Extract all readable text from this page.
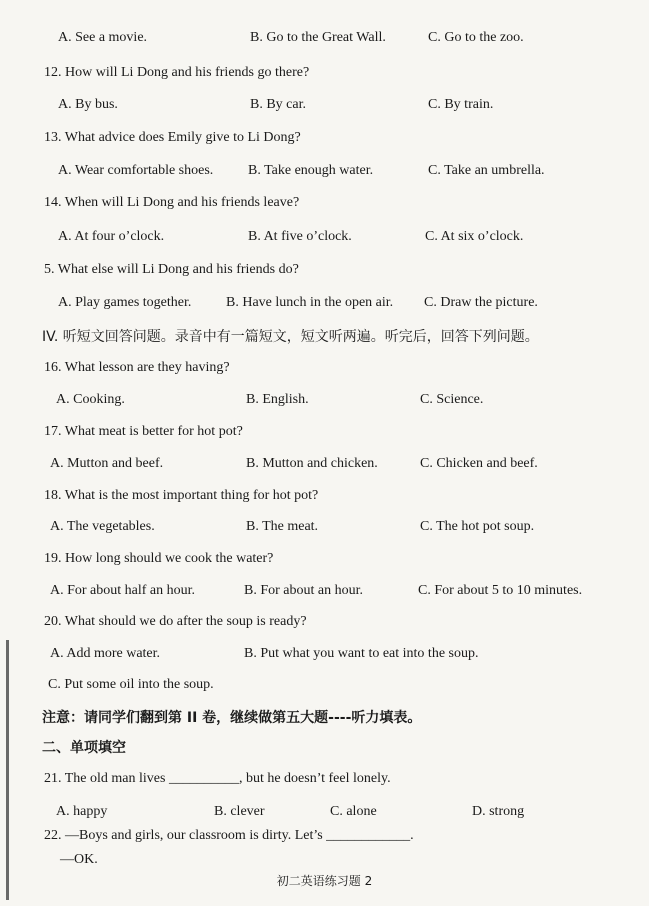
A. See a movie.	B. Go to the Great Wall.	C. Go to the zoo.
12. How will Li Dong and his friends go there?
A. By bus.	B. By car.	C. By train.
13. What advice does Emily give to Li Dong?
A. Wear comfortable shoes. B. Take enough water.	C. Take an umbrella.
14. When will Li Dong and his friends leave?
A. At four o’clock.	B. At five o’clock.	C. At six o’clock.
5. What else will Li Dong and his friends do?
A. Play games together. B. Have lunch in the open air. C. Draw the picture.
IV. 听短文回答问题。录音中有一篇短文，短文听两遍。听完后，回答下列问题。
16. What lesson are they having?
A. Cooking.	B. English.	C. Science.
17. What meat is better for hot pot?
A. Mutton and beef.	B. Mutton and chicken.	C. Chicken and beef.
18. What is the most important thing for hot pot?
A. The vegetables.	B. The meat.	C. The hot pot soup.
19. How long should we cook the water?
A. For about half an hour.	B. For about an hour.	C. For about 5 to 10 minutes.
20. What should we do after the soup is ready?
A. Add more water.	B. Put what you want to eat into the soup.
C. Put some oil into the soup.
注意：请同学们翻到第 II 卷，继续做第五大题----听力填表。
二、单项填空
21. The old man lives __________, but he doesn’t feel lonely.
A. happy	B. clever	C. alone	D. strong
22. —Boys and girls, our classroom is dirty. Let’s ____________.
—OK.
初二英语练习题 2
